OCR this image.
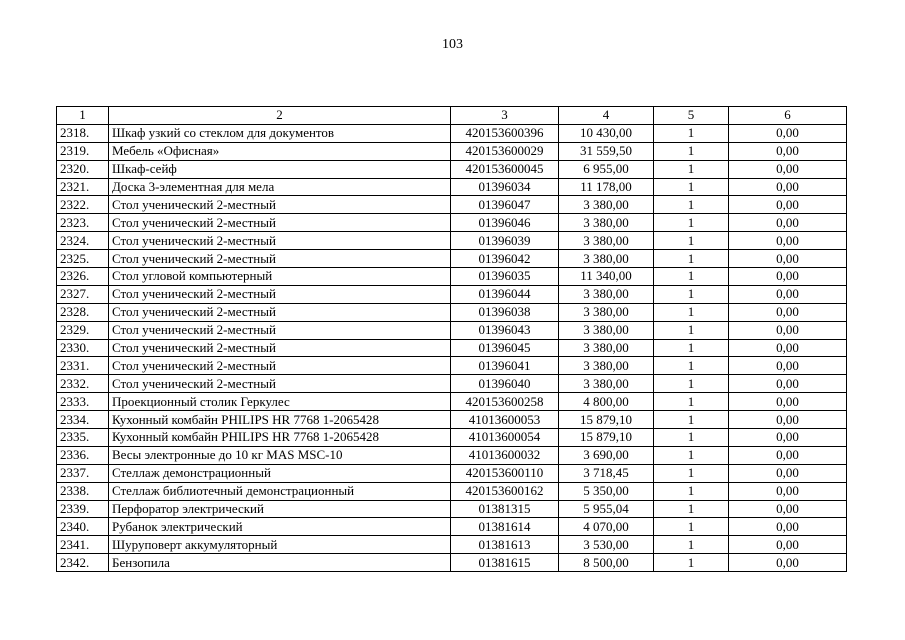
103
1	2	3	4	5	6
2318.	Шкаф узкий со стеклом для документов	420153600396	10 430,00	1	0,00
2319.	Мебель «Офисная»	420153600029	31 559,50	1	0,00
2320.	Шкаф-сейф	420153600045	6 955,00	1	0,00
2321.	Доска 3-элементная для мела	01396034	11 178,00	1	0,00
2322.	Стол ученический 2-местный	01396047	3 380,00	1	0,00
2323.	Стол ученический 2-местный	01396046	3 380,00	1	0,00
2324.	Стол ученический 2-местный	01396039	3 380,00	1	0,00
2325.	Стол ученический 2-местный	01396042	3 380,00	1	0,00
2326.	Стол угловой компьютерный	01396035	11 340,00	1	0,00
2327.	Стол ученический 2-местный	01396044	3 380,00	1	0,00
2328.	Стол ученический 2-местный	01396038	3 380,00	1	0,00
2329.	Стол ученический 2-местный	01396043	3 380,00	1	0,00
2330.	Стол ученический 2-местный	01396045	3 380,00	1	0,00
2331.	Стол ученический 2-местный	01396041	3 380,00	1	0,00
2332.	Стол ученический 2-местный	01396040	3 380,00	1	0,00
2333.	Проекционный столик Геркулес	420153600258	4 800,00	1	0,00
2334.	Кухонный комбайн PHILIPS HR 7768 1-2065428	41013600053	15 879,10	1	0,00
2335.	Кухонный комбайн PHILIPS HR 7768 1-2065428	41013600054	15 879,10	1	0,00
2336.	Весы электронные до 10 кг MAS MSC-10	41013600032	3 690,00	1	0,00
2337.	Стеллаж демонстрационный	420153600110	3 718,45	1	0,00
2338.	Стеллаж библиотечный демонстрационный	420153600162	5 350,00	1	0,00
2339.	Перфоратор электрический	01381315	5 955,04	1	0,00
2340.	Рубанок электрический	01381614	4 070,00	1	0,00
2341.	Шуруповерт аккумуляторный	01381613	3 530,00	1	0,00
2342.	Бензопила	01381615	8 500,00	1	0,00
